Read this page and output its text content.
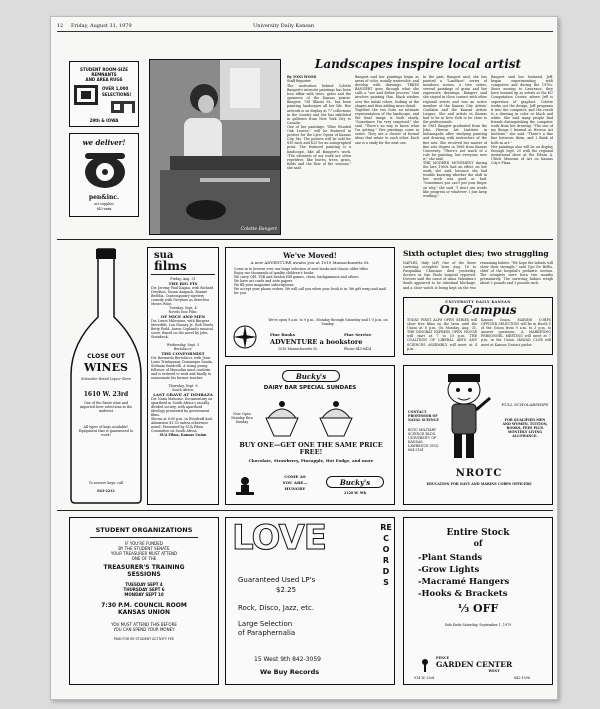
12 Friday, August 31, 1979	University Daily Kansan
STUDENT ROOM-SIZE
REMNANTS
AND AREA RUGS
OVER 1,000
SELECTIONS!
29th & IOWA
we deliver!
pen&inc.
art supplies
843-xxxx
Colette Bangert
Landscapes inspire local artist
By TONI WOOD
Staff Reporter

The motivation behind Colette Bangert's intricate paintings has been love affair with trees, grass and the openness of the Kansas prairie. Bangert, 738 Illinois St., has been painting landscapes all her life. Her artwork is on display at 77 collections in the country and she has exhibited in galleries from New York City to Canada.

One of her paintings, "Blue Wooded Oak Leaves," will be featured in posters for the Lyric Opera of Kansas City, Mo. The posters will be sold for $10 each and $25 for an autographed print. The featured painting is a landscape, like all Bangert's work. "The elements of my work are often repetitive, like leaves, trees, grass, fields and the flow of the seasons," she said.

Bangert said her paintings begin as areas of color, usually watercolor, and develop with drawings. TREES BANGERT goes through what she calls a "see and define process" that involves painting thin, black strokes over the initial colors, looking at the shapes and then adding more detail.

Together the two form an intimate representation of the landscape, and the final image is built slowly. "Sometimes I'm very surprised," she said. "There's no way to know what I'm getting." Her paintings come in series. They are a cluster of formal ideas that relate to each other. Each one is a study for the next one.

In the past, Bangert said, she has painted a "Landface" series of meadows scenes, a tree series, several paintings of grass and her expressive drawings. Bangert said she stayed in close contact with other regional artists and was an active member of the Kansas City Artists' Coalition and the Kansas Artists League. She and artists in Kansas had to be in New York to be close to the professionals.

In 1961 Bangert graduated from the John Herron Art Institute in Indianapolis after studying painting and drawing with instructors of the fine arts. She received her master of fine arts degree in 1968 from Kansas University. "There's not much of a rule for painting, but everyone sees it," she said.

THE MODERN MOVEMENT during the late 1960s had an effect on her work, she said, because she had trouble knowing whether the shift in her work was good or bad. "Sometimes you can't put your finger on why," she said. "I don't use words like progress or whatever. I just keep working."

Bangert said her husband, Jeff, began experimenting with computers and during the 1970s. Since moving to Lawrence, they have teamed up as artists at the KU Computation Center, where Jeff is supervisor of graphics. Colette works out the design, Jeff programs it into the computer, and the result is a drawing in color or black and white. She said many people find friends distinguishing the computer work from her drawing. "The one of my things I learned at Herron Art Institute," she said. "There's a fine line between them, and I think of both as art."

Her paintings also will be on display through Sept. 20 with the regional invitational show at the Edwin A. Ulrich Museum of Art on Kansas City's Plaza.

CLOSE OUT
WINES
Schneider Retail Liquor Store
1610 W. 23rd
One of the finest wine and imported beer selections in the midwest
All types of kegs available! Equipment that is guaranteed to work!
To reserve kegs, call
843-2212
sua
films
Friday, Aug. 31
THE BIG FIX
Dir. Jeremy Paul Kagan, with Richard Dreyfuss, Susan Anspach, Bonnie Bedelia. Contemporary mystery comedy with Dreyfuss as detective Moses Wine.
Tuesday, Sept. 4
Novels Into Film:
OF MICE AND MEN
Dir. Lewis Milestone, with Burgess Meredith, Lon Chaney Jr., Bob Steele, Betty Field. Aaron Copland's musical score. Based on the novel by John Steinbeck.
Wednesday, Sept. 5
Bertolucci:
THE CONFORMIST
Dir. Bernardo Bertolucci, with Jean-Louis Trintignant, Dominique Sanda, Stefania Sandrelli. A rising young follower of Mussolini must conform and is ordered to seek and finally to assassinate his former teacher.
Thursday, Sept. 6
South Africa:
LAST GRAVE AT DIMBAZA
Dir. Nana Mahomo. Documentary on apartheid in South Africa's racially divided society, with apartheid ideology presented by government films.
Shown at 8:00 p.m. in Woodruff Aud. Admission $1.50 unless otherwise noted. Presented by SUA Films Committee on South Africa.
SUA Films, Kansas Union
We've Moved!
A new ADVENTURE awaits you at 1010 Massachusetts St.
Come in to browse over our large selection of new books and classic older titles
Enjoy our thousands of quality children's books
We carry QPI, TSR and Avalon Hill games, chess, backgammon and others
We have art cards and note papers
We fill your magazine subscriptions
We accept your phone orders. We will call you when your book is in. We gift wrap and mail for you.
We're open 9 a.m. to 9 p.m., Monday through Saturday and 1-5 p.m. on Sunday.
Fine Books	Fine Service
ADVENTURE a bookstore
1010 Massachusetts St.	Phone 843-6424
Sixth octuplet dies; two struggling
NAPLES, Italy (AP) One of the three surviving octuplets born Aug. 16 to Pasqualina Chiusano died yesterday, doctors at San Paolo hospital reported. Doctors said the cause of Anna Valentina's death appeared to be intestinal blockage, and a close watch is being kept on the two remaining babies. "We hope the infants will show their strength," said Ugo De Bellis, chief of the hospital's pediatric section. The octuplets were born two months prematurely. The surviving babies weigh about 2 pounds and 3 pounds each.
UNIVERSITY DAILY KANSAN
On Campus
TODAY FIRST ALPS OPEN SERIES will show free films on the lawn until the Union at 8 p.m. On Monday, Aug. 31. THE DINGBAT EXPRESS OPEN HOUSE will start at 7 to 10 p.m. THE COALITION OF LIBERAL ARTS AND SCIENCES ASSEMBLY will meet at 4 p.m.
Kansas Union. MARINE CORPS OFFICER SELECTION will be in Booth 1 of the Union from 9 a.m. to 3 p.m. to answer questions. A MARKETING PERSONNEL MEETING will meet at 7 p.m. in the Union. HAWAII CLUB will meet at Kansas Union's parlor.
Bucky's
DAIRY BAR SPECIAL SUNDAES
Now Open
Monday thru
Sunday
BUY ONE—GET ONE THE SAME PRICE FREE!
Chocolate, Strawberry, Pineapple, Hot Fudge, and more
COME AS
YOU ARE—
HUNGRY
Bucky's
2120 W. 9th
CONTACT PROFESSOR OF NAVAL SCIENCE
ROTC MILITARY SCIENCE BLDG. UNIVERSITY OF KANSAS, LAWRENCE (913) 864-3161
FULL SCHOLARSHIPS
FOR QUALIFIED MEN AND WOMEN. TUITION, BOOKS, FEES PLUS MONTHLY LIVING ALLOWANCE.
NROTC
EDUCATION FOR NAVY AND MARINE CORPS OFFICERS
STUDENT ORGANIZATIONS
IF YOU'RE FUNDED
BY THE STUDENT SENATE
YOUR TREASURER MUST ATTEND
ONE OF THE
TREASURER'S TRAINING
SESSIONS
TUESDAY SEPT 4
THURSDAY SEPT 6
MONDAY SEPT 10
7:30 P.M. COUNCIL ROOM
KANSAS UNION
YOU MUST ATTEND THIS BEFORE
YOU CAN SPEND YOUR MONEY
PAID FOR BY STUDENT ACTIVITY FEE
LOVE	RECORDS
Guaranteed Used LP's
$2.25
Rock, Disco, Jazz, etc.
Large Selection
of Paraphernalia
15 West 9th 842-3059
We Buy Records
Entire Stock
of
-Plant Stands
-Grow Lights
-Macramé Hangers
-Hooks & Brackets
⅓ OFF
Sale Ends Saturday, September 1, 1979
PENCE
GARDEN CENTER
WEST
914 W. 23rd	842-1596
